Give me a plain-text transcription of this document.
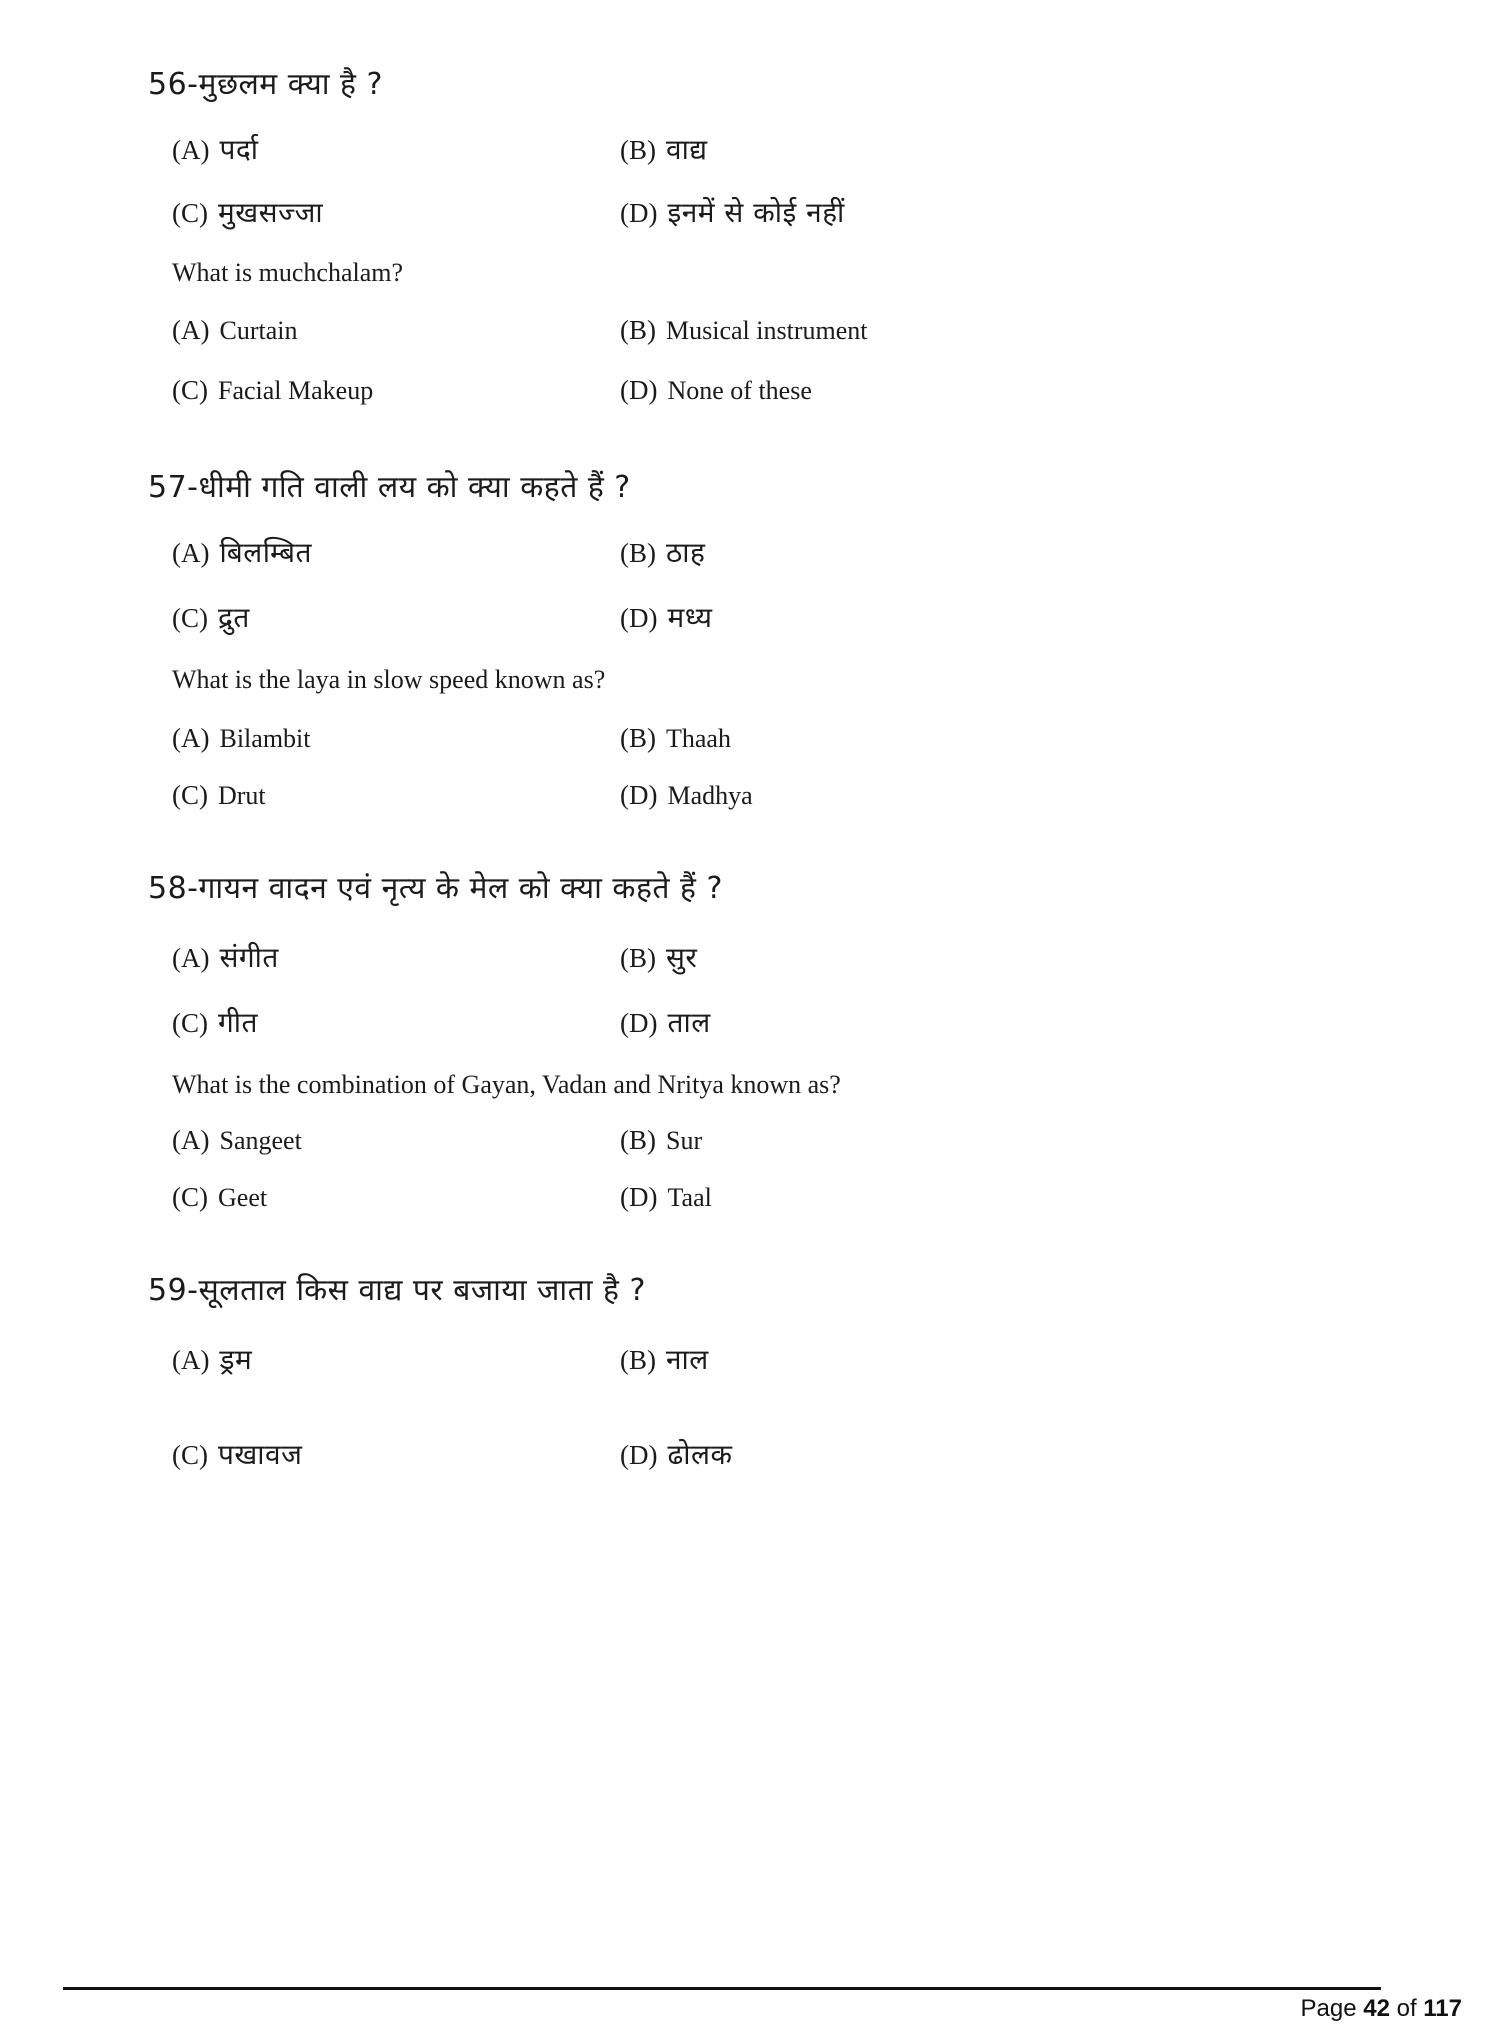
56-मुछलम क्या है ?
(A) पर्दा	(B) वाद्य
(C) मुखसज्जा	(D) इनमें से कोई नहीं
What is muchchalam?
(A) Curtain	(B) Musical instrument
(C) Facial Makeup	(D) None of these
57-धीमी गति वाली लय को क्या कहते हैं ?
(A) बिलम्बित	(B) ठाह
(C) द्रुत	(D) मध्य
What is the laya in slow speed known as?
(A) Bilambit	(B) Thaah
(C) Drut	(D) Madhya
58-गायन वादन एवं नृत्य के मेल को क्या कहते हैं ?
(A) संगीत	(B) सुर
(C) गीत	(D) ताल
What is the combination of Gayan, Vadan and Nritya known as?
(A) Sangeet	(B) Sur
(C) Geet	(D) Taal
59-सूलताल किस वाद्य पर बजाया जाता है ?
(A) ड्रम	(B) नाल
(C) पखावज	(D) ढोलक
Page 42 of 117
